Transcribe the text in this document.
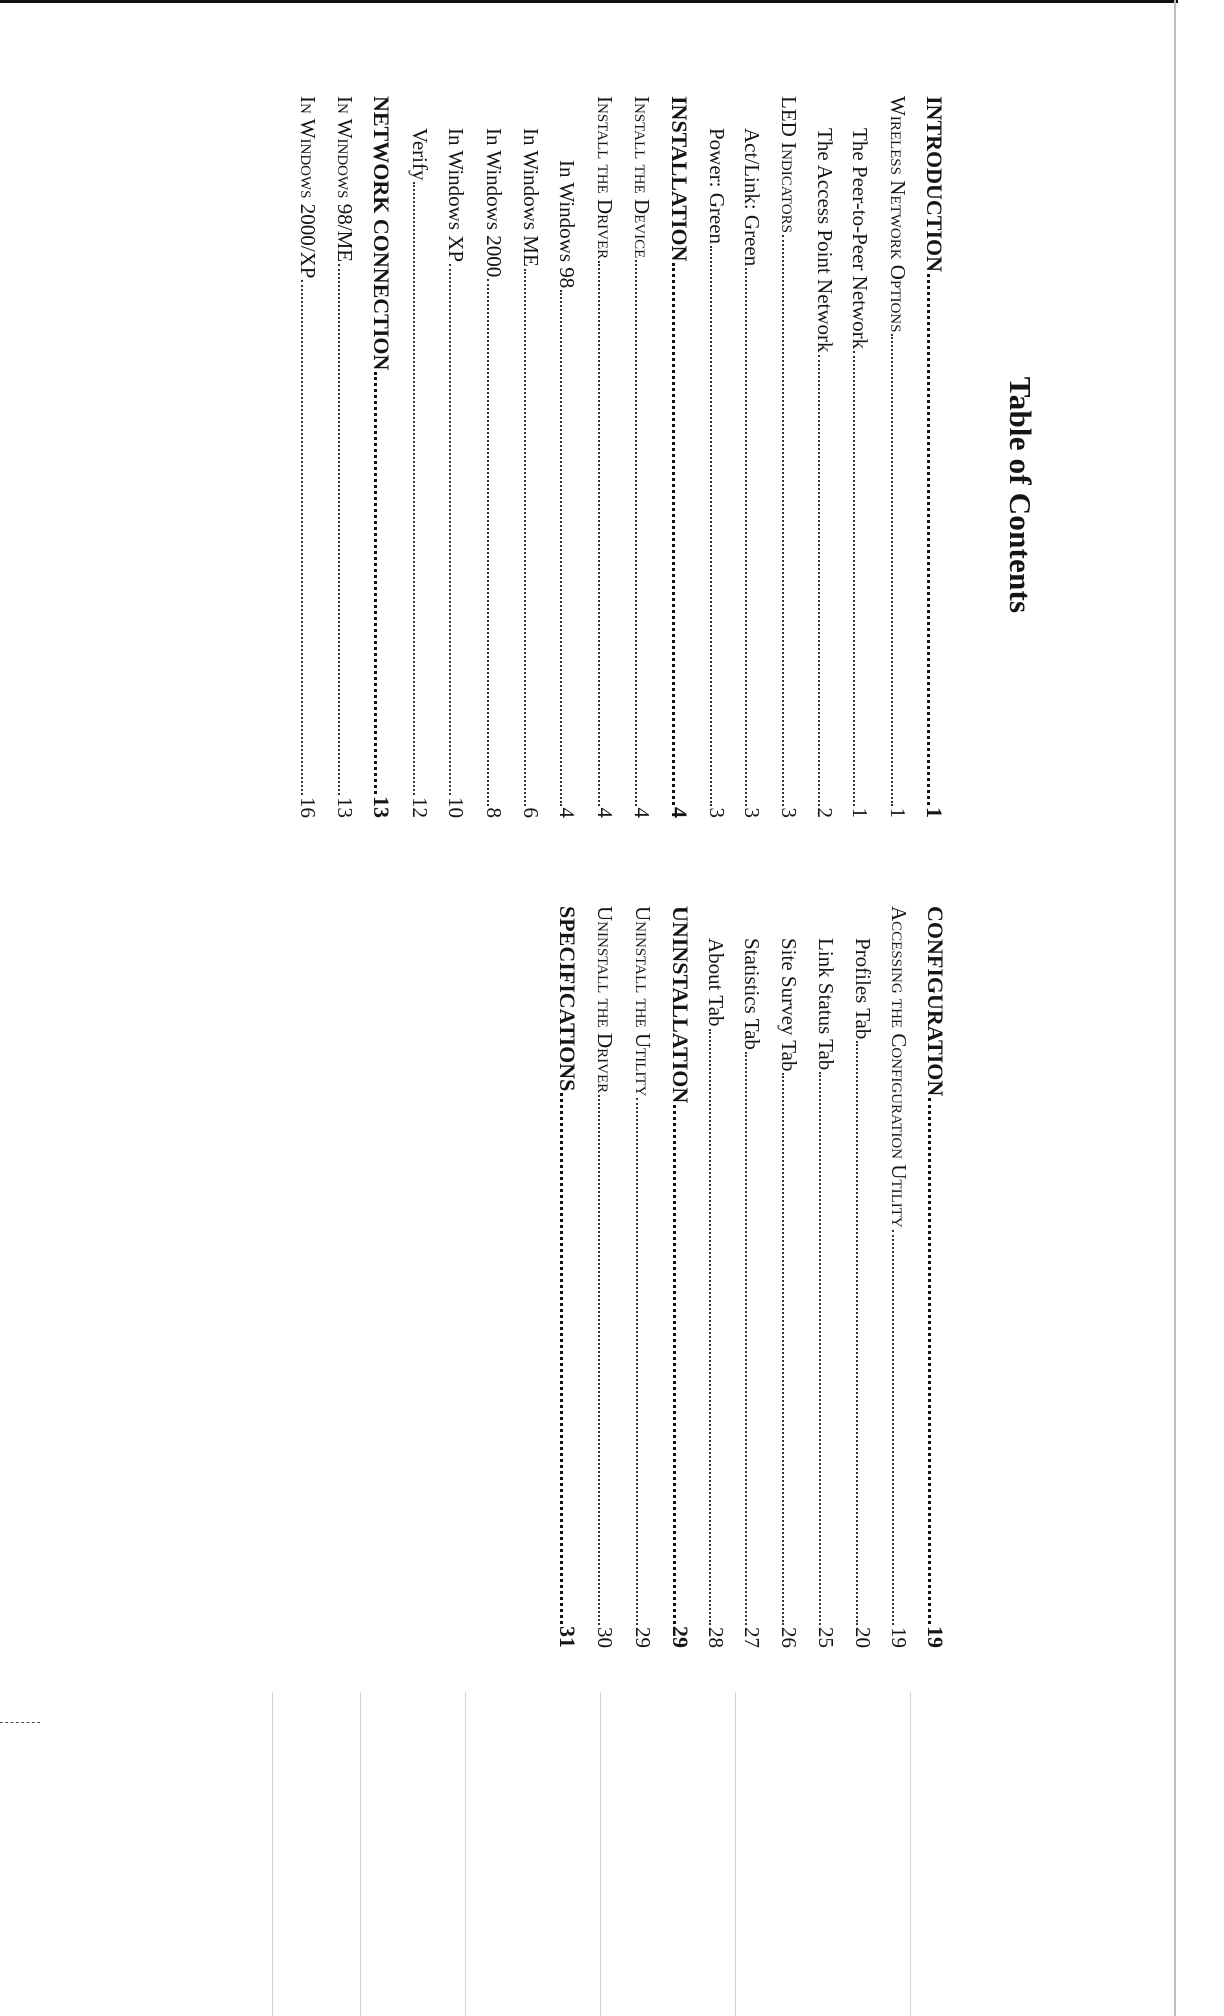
Table of Contents
INTRODUCTION
1
Wireless Network Options
1
The Peer-to-Peer Network
1
The Access Point Network
2
LED Indicators
3
Act/Link: Green
3
Power: Green
3
INSTALLATION
4
Install the Device
4
Install the Driver
4
In Windows 98
4
In Windows ME
6
In Windows 2000
8
In Windows XP
10
Verify
12
NETWORK CONNECTION
13
In Windows 98/ME
13
In Windows 2000/XP
16
CONFIGURATION
19
Accessing the Configuration Utility
19
Profiles Tab
20
Link Status Tab
25
Site Survey Tab
26
Statistics Tab
27
About Tab
28
UNINSTALLATION
29
Uninstall the Utility
29
Uninstall the Driver
30
SPECIFICATIONS
31
